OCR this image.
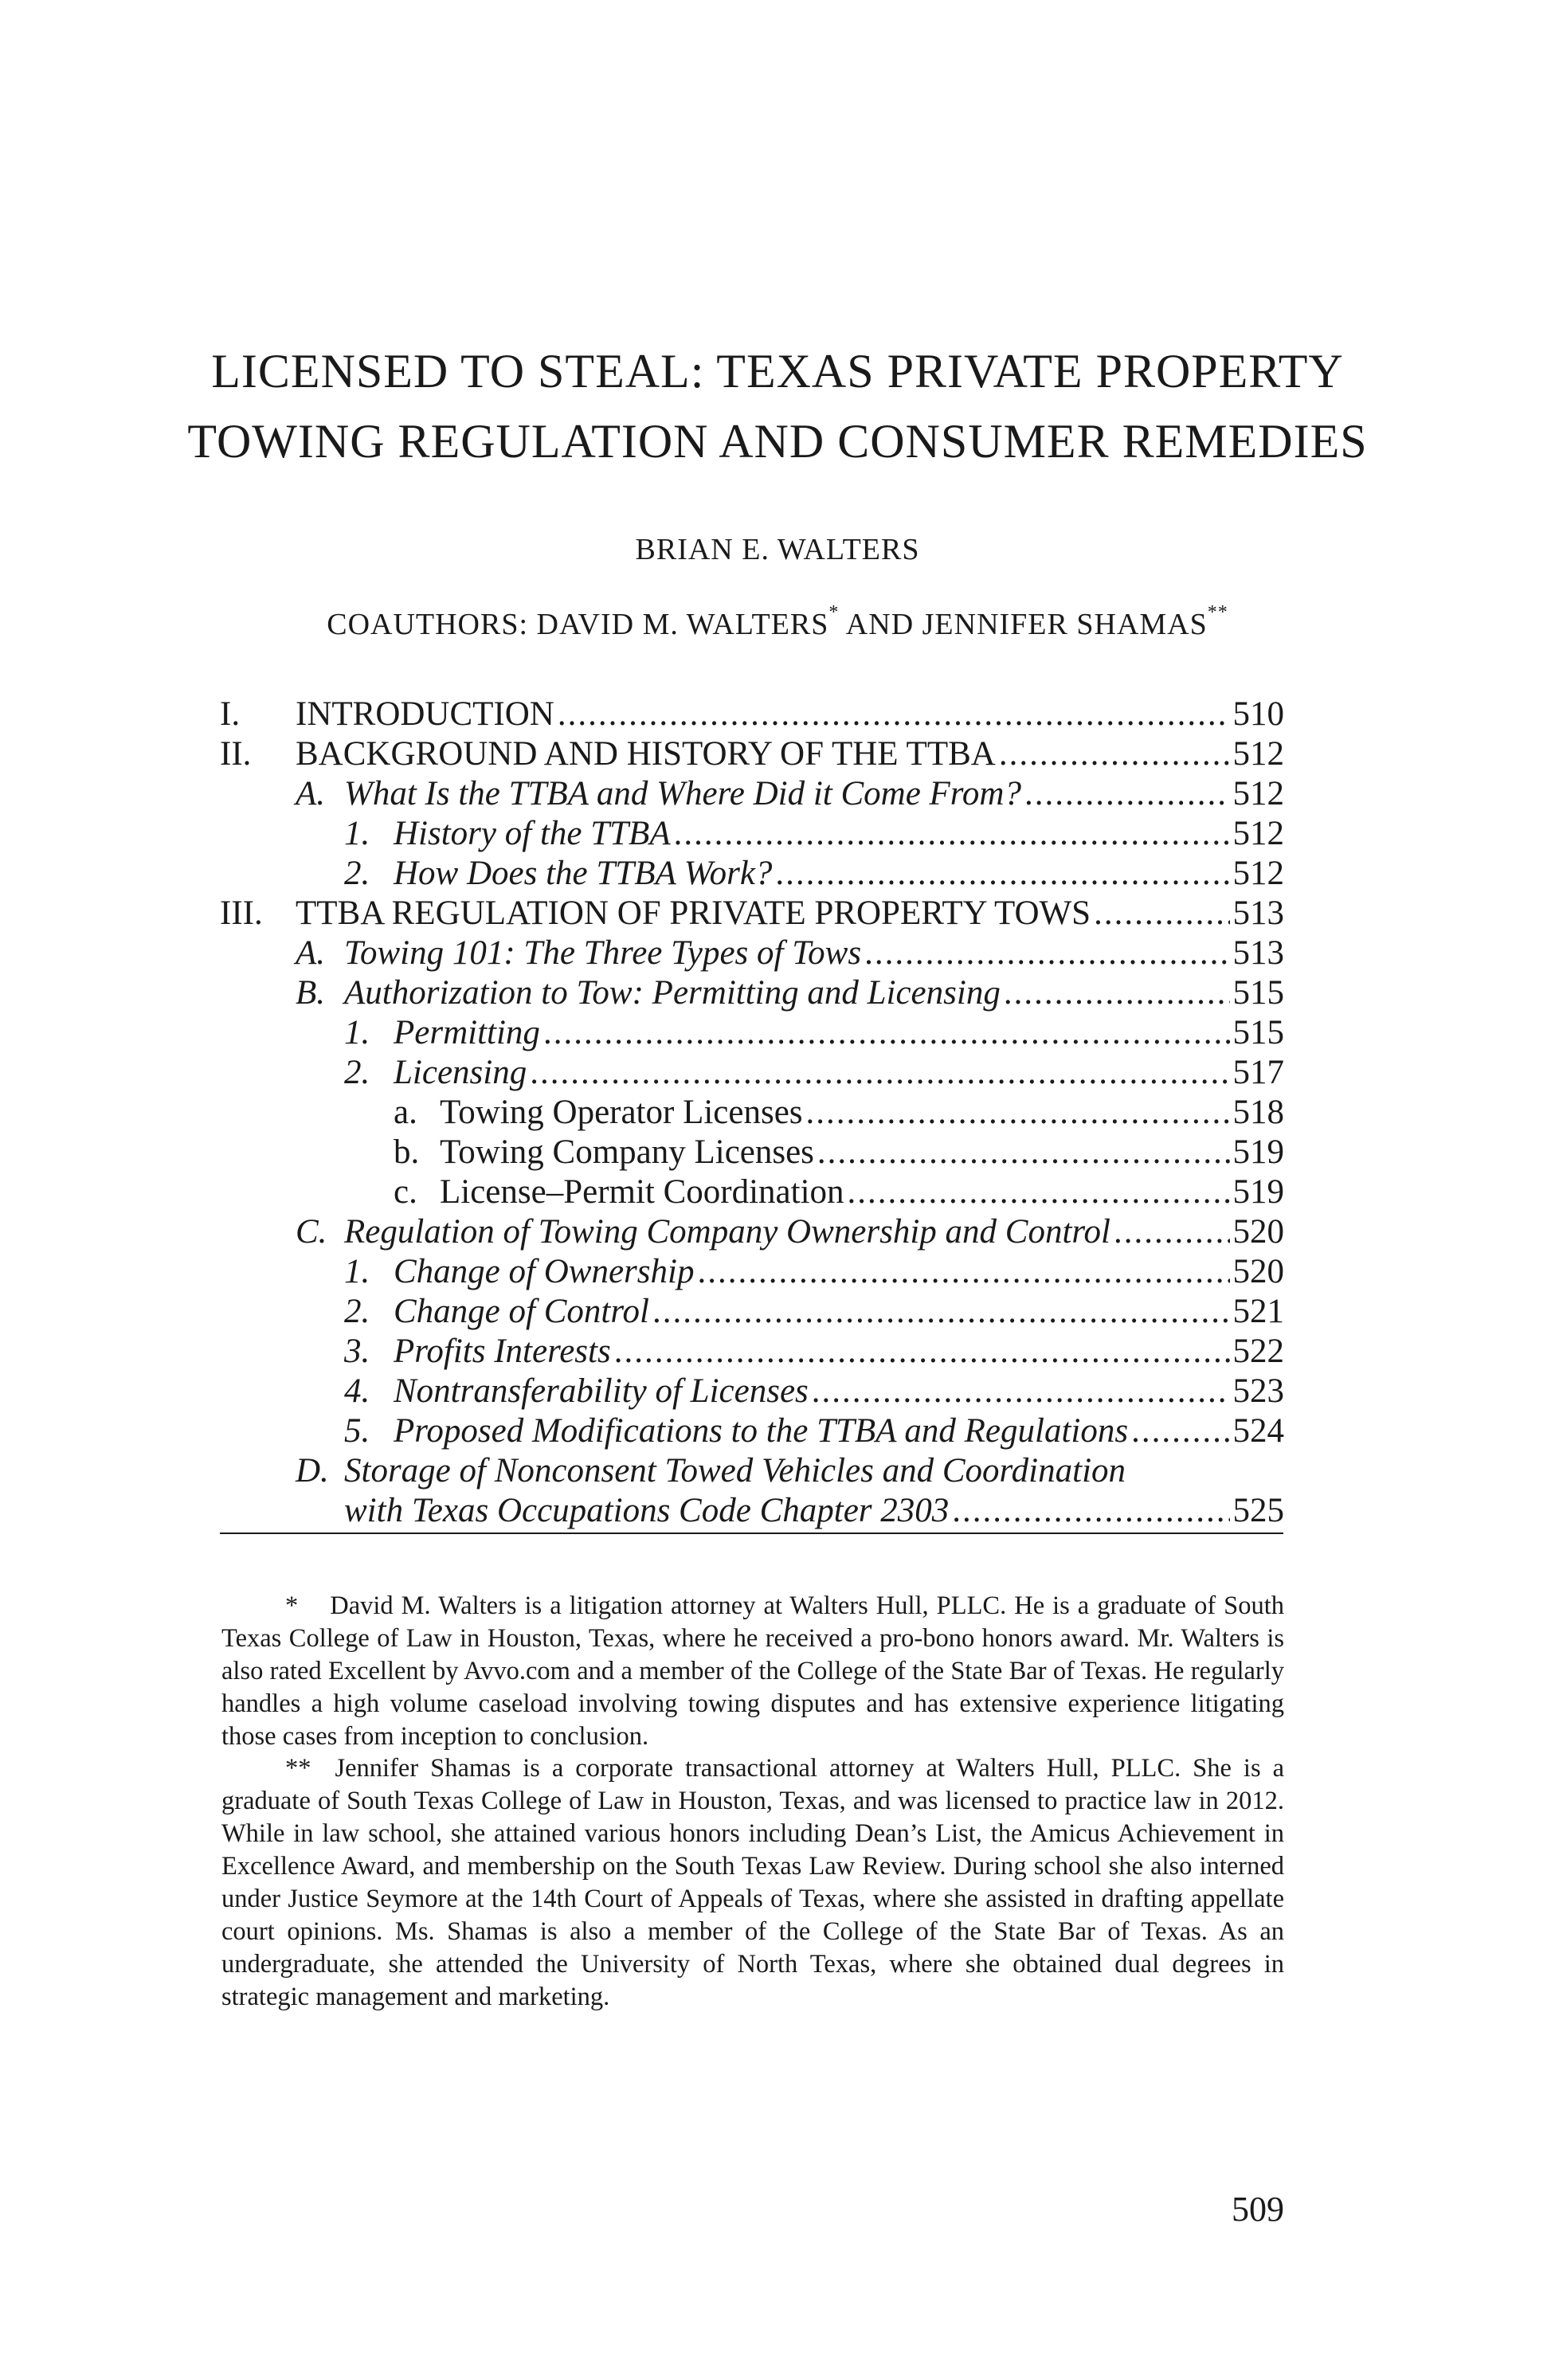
LICENSED TO STEAL: TEXAS PRIVATE PROPERTY
TOWING REGULATION AND CONSUMER REMEDIES
BRIAN E. WALTERS
COAUTHORS: DAVID M. WALTERS* AND JENNIFER SHAMAS**
I. INTRODUCTION .....	510
II. BACKGROUND AND HISTORY OF THE TTBA .....	512
A. What Is the TTBA and Where Did it Come From? .....	512
1. History of the TTBA .....	512
2. How Does the TTBA Work? .....	512
III. TTBA REGULATION OF PRIVATE PROPERTY TOWS .....	513
A. Towing 101: The Three Types of Tows .....	513
B. Authorization to Tow: Permitting and Licensing .....	515
1. Permitting .....	515
2. Licensing .....	517
a. Towing Operator Licenses .....	518
b. Towing Company Licenses .....	519
c. License–Permit Coordination .....	519
C. Regulation of Towing Company Ownership and Control .....	520
1. Change of Ownership .....	520
2. Change of Control .....	521
3. Profits Interests .....	522
4. Nontransferability of Licenses .....	523
5. Proposed Modifications to the TTBA and Regulations .....	524
D. Storage of Nonconsent Towed Vehicles and Coordination
with Texas Occupations Code Chapter 2303 .....	525
* David M. Walters is a litigation attorney at Walters Hull, PLLC. He is a graduate of South Texas College of Law in Houston, Texas, where he received a pro-bono honors award. Mr. Walters is also rated Excellent by Avvo.com and a member of the College of the State Bar of Texas. He regularly handles a high volume caseload involving towing disputes and has extensive experience litigating those cases from inception to conclusion.
** Jennifer Shamas is a corporate transactional attorney at Walters Hull, PLLC. She is a graduate of South Texas College of Law in Houston, Texas, and was licensed to practice law in 2012. While in law school, she attained various honors including Dean’s List, the Amicus Achievement in Excellence Award, and membership on the South Texas Law Review. During school she also interned under Justice Seymore at the 14th Court of Appeals of Texas, where she assisted in drafting appellate court opinions. Ms. Shamas is also a member of the College of the State Bar of Texas. As an undergraduate, she attended the University of North Texas, where she obtained dual degrees in strategic management and marketing.
509
